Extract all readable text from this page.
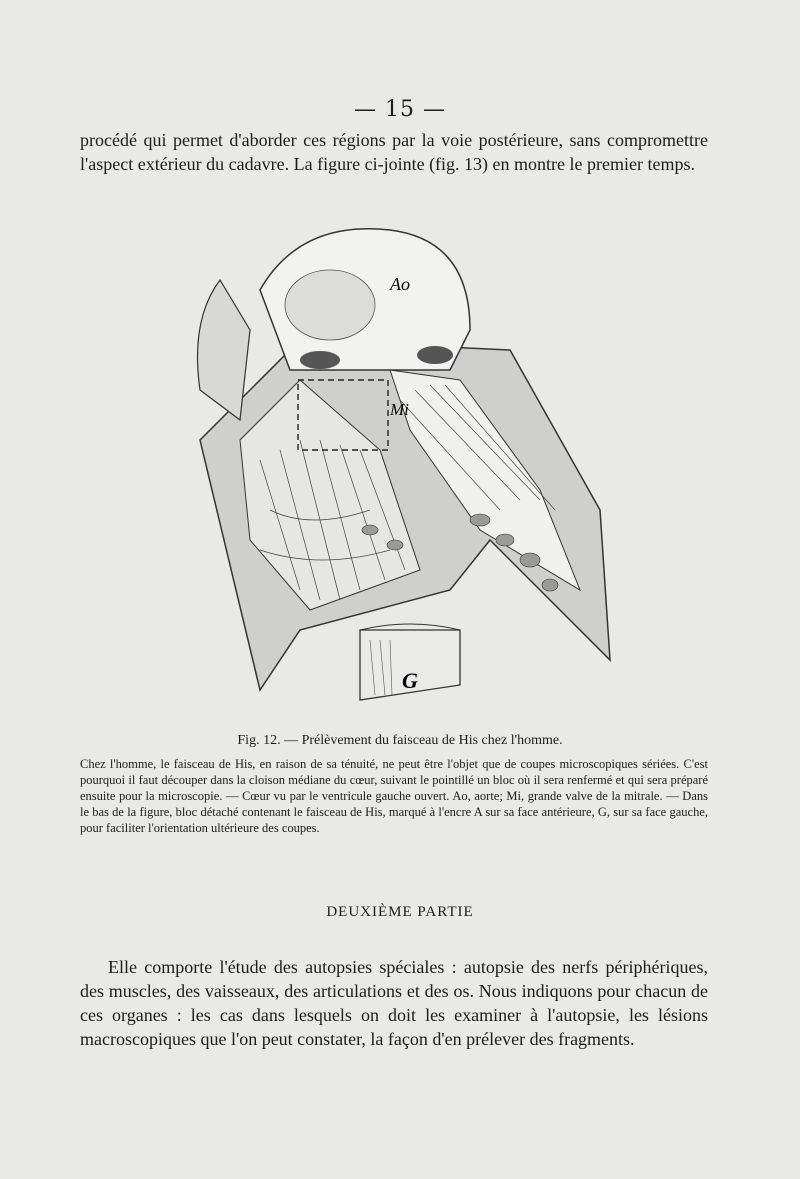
— 15 —
procédé qui permet d'aborder ces régions par la voie postérieure, sans compromettre l'aspect extérieur du cadavre. La figure ci-jointe (fig. 13) en montre le premier temps.
Ao
Mi
G
Fig. 12. — Prélèvement du faisceau de His chez l'homme.
Chez l'homme, le faisceau de His, en raison de sa ténuité, ne peut être l'objet que de coupes microscopiques sériées. C'est pourquoi il faut découper dans la cloison médiane du cœur, suivant le pointillé un bloc où il sera renfermé et qui sera préparé ensuite pour la microscopie. — Cœur vu par le ventricule gauche ouvert. Ao, aorte; Mi, grande valve de la mitrale. — Dans le bas de la figure, bloc détaché contenant le faisceau de His, marqué à l'encre A sur sa face antérieure, G, sur sa face gauche, pour faciliter l'orientation ultérieure des coupes.
DEUXIÈME PARTIE
Elle comporte l'étude des autopsies spéciales : autopsie des nerfs périphériques, des muscles, des vaisseaux, des articulations et des os. Nous indiquons pour chacun de ces organes : les cas dans lesquels on doit les examiner à l'autopsie, les lésions macroscopiques que l'on peut constater, la façon d'en prélever des fragments.
